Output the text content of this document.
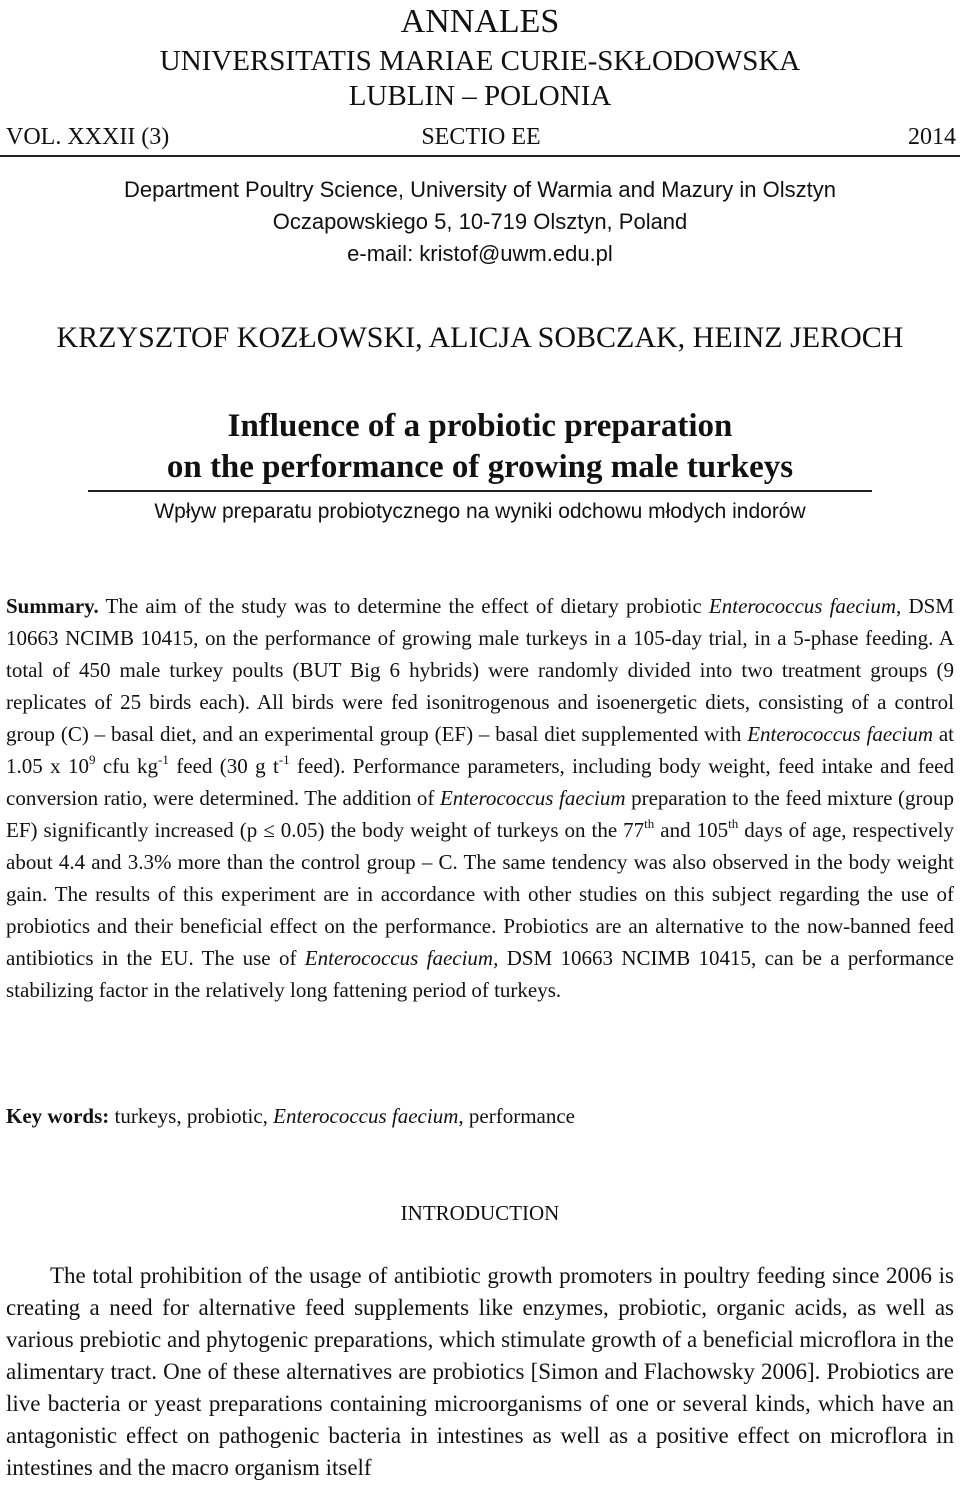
ANNALES
UNIVERSITATIS MARIAE CURIE-SKŁODOWSKA
LUBLIN – POLONIA
VOL. XXXII (3)	SECTIO EE	2014
Department Poultry Science, University of Warmia and Mazury in Olsztyn
Oczapowskiego 5, 10-719 Olsztyn, Poland
e-mail: kristof@uwm.edu.pl
KRZYSZTOF KOZŁOWSKI, ALICJA SOBCZAK, HEINZ JEROCH
Influence of a probiotic preparation
on the performance of growing male turkeys
Wpływ preparatu probiotycznego na wyniki odchowu młodych indorów

Summary. The aim of the study was to determine the effect of dietary probiotic Enterococcus faecium, DSM 10663 NCIMB 10415, on the performance of growing male turkeys in a 105-day trial, in a 5-phase feeding. A total of 450 male turkey poults (BUT Big 6 hybrids) were randomly divided into two treatment groups (9 replicates of 25 birds each). All birds were fed isonitrogenous and isoenergetic diets, consisting of a control group (C) – basal diet, and an experimental group (EF) – basal diet supplemented with Enterococcus faecium at 1.05 x $10^9$ cfu $kg^{-1}$ feed (30 g $t^{-1}$ feed). Performance parameters, including body weight, feed intake and feed conversion ratio, were determined. The addition of Enterococcus faecium preparation to the feed mixture (group EF) significantly increased (p ≤ 0.05) the body weight of turkeys on the 77th and 105th days of age, respectively about 4.4 and 3.3% more than the control group – C. The same tendency was also observed in the body weight gain. The results of this experiment are in accordance with other studies on this subject regarding the use of probiotics and their beneficial effect on the performance. Probiotics are an alternative to the now-banned feed antibiotics in the EU. The use of Enterococcus faecium, DSM 10663 NCIMB 10415, can be a performance stabilizing factor in the relatively long fattening period of turkeys.

Key words: turkeys, probiotic, Enterococcus faecium, performance

INTRODUCTION

The total prohibition of the usage of antibiotic growth promoters in poultry feeding since 2006 is creating a need for alternative feed supplements like enzymes, probiotic, organic acids, as well as various prebiotic and phytogenic preparations, which stimulate growth of a beneficial microflora in the alimentary tract. One of these alternatives are probiotics [Simon and Flachowsky 2006]. Probiotics are live bacteria or yeast preparations containing microorganisms of one or several kinds, which have an antagonistic effect on pathogenic bacteria in intestines as well as a positive effect on microflora in intestines and the macro organism itself
